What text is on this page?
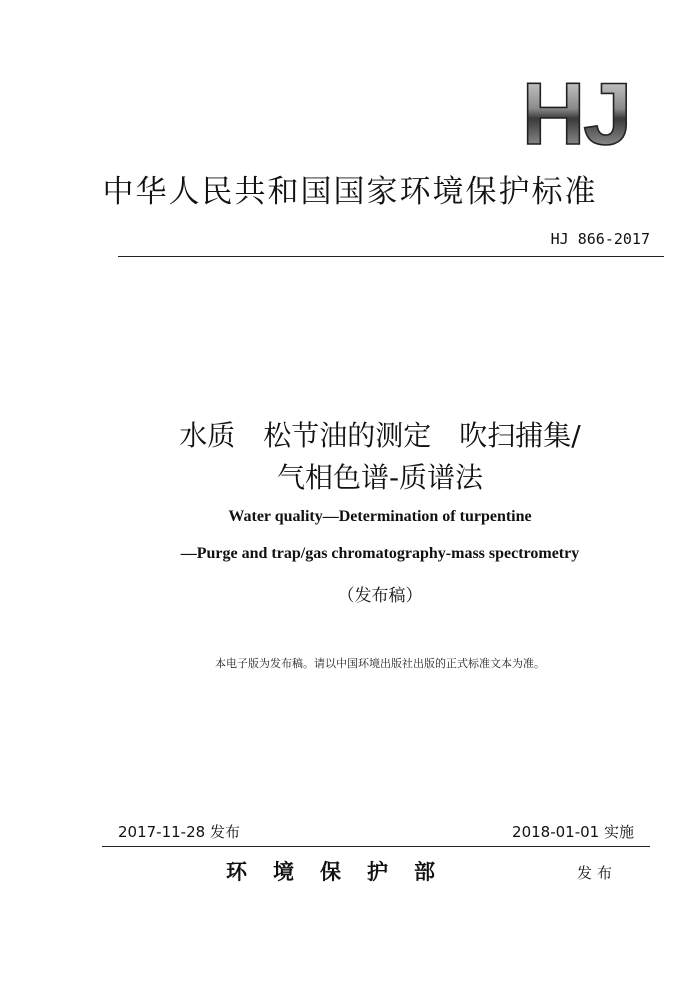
HJ
中华人民共和国国家环境保护标准
HJ 866-2017
水质　松节油的测定　吹扫捕集/
气相色谱-质谱法
Water quality—Determination of turpentine
—Purge and trap/gas chromatography-mass spectrometry
（发布稿）
本电子版为发布稿。请以中国环境出版社出版的正式标准文本为准。
2017-11-28 发布	2018-01-01 实施
环境保护部	发布
